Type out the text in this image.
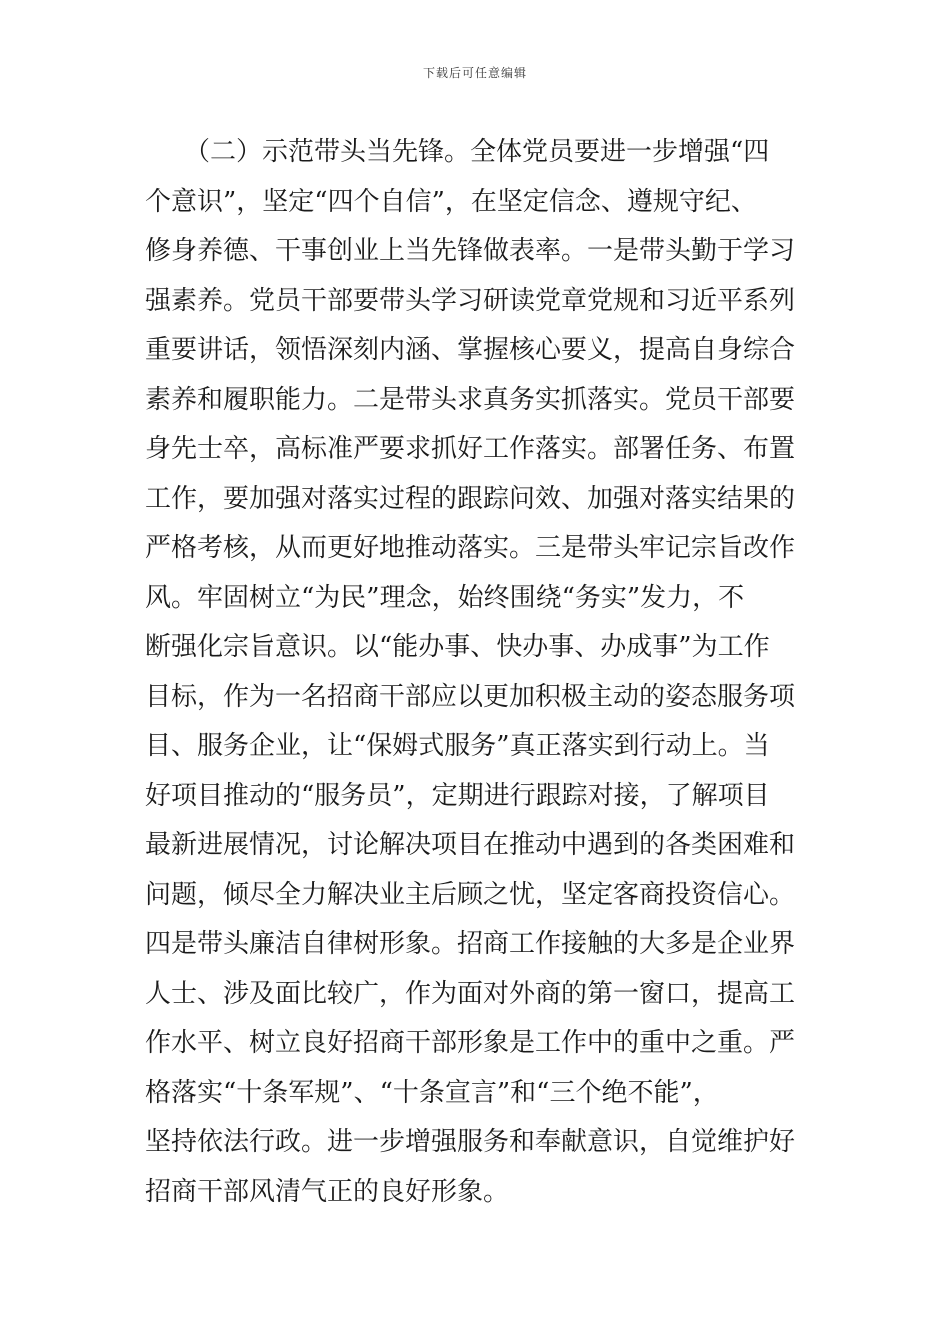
下载后可任意编辑
　　（二）示范带头当先锋。全体党员要进一步增强“四
个意识”，坚定“四个自信”，在坚定信念、遵规守纪、
修身养德、干事创业上当先锋做表率。一是带头勤于学习
强素养。党员干部要带头学习研读党章党规和习近平系列
重要讲话，领悟深刻内涵、掌握核心要义，提高自身综合
素养和履职能力。二是带头求真务实抓落实。党员干部要
身先士卒，高标准严要求抓好工作落实。部署任务、布置
工作，要加强对落实过程的跟踪问效、加强对落实结果的
严格考核，从而更好地推动落实。三是带头牢记宗旨改作
风。牢固树立“为民”理念，始终围绕“务实”发力，不
断强化宗旨意识。以“能办事、快办事、办成事”为工作
目标，作为一名招商干部应以更加积极主动的姿态服务项
目、服务企业，让“保姆式服务”真正落实到行动上。当
好项目推动的“服务员”，定期进行跟踪对接，了解项目
最新进展情况，讨论解决项目在推动中遇到的各类困难和
问题，倾尽全力解决业主后顾之忧，坚定客商投资信心。
四是带头廉洁自律树形象。招商工作接触的大多是企业界
人士、涉及面比较广，作为面对外商的第一窗口，提高工
作水平、树立良好招商干部形象是工作中的重中之重。严
格落实“十条军规”、“十条宣言”和“三个绝不能”，
坚持依法行政。进一步增强服务和奉献意识，自觉维护好
招商干部风清气正的良好形象。
